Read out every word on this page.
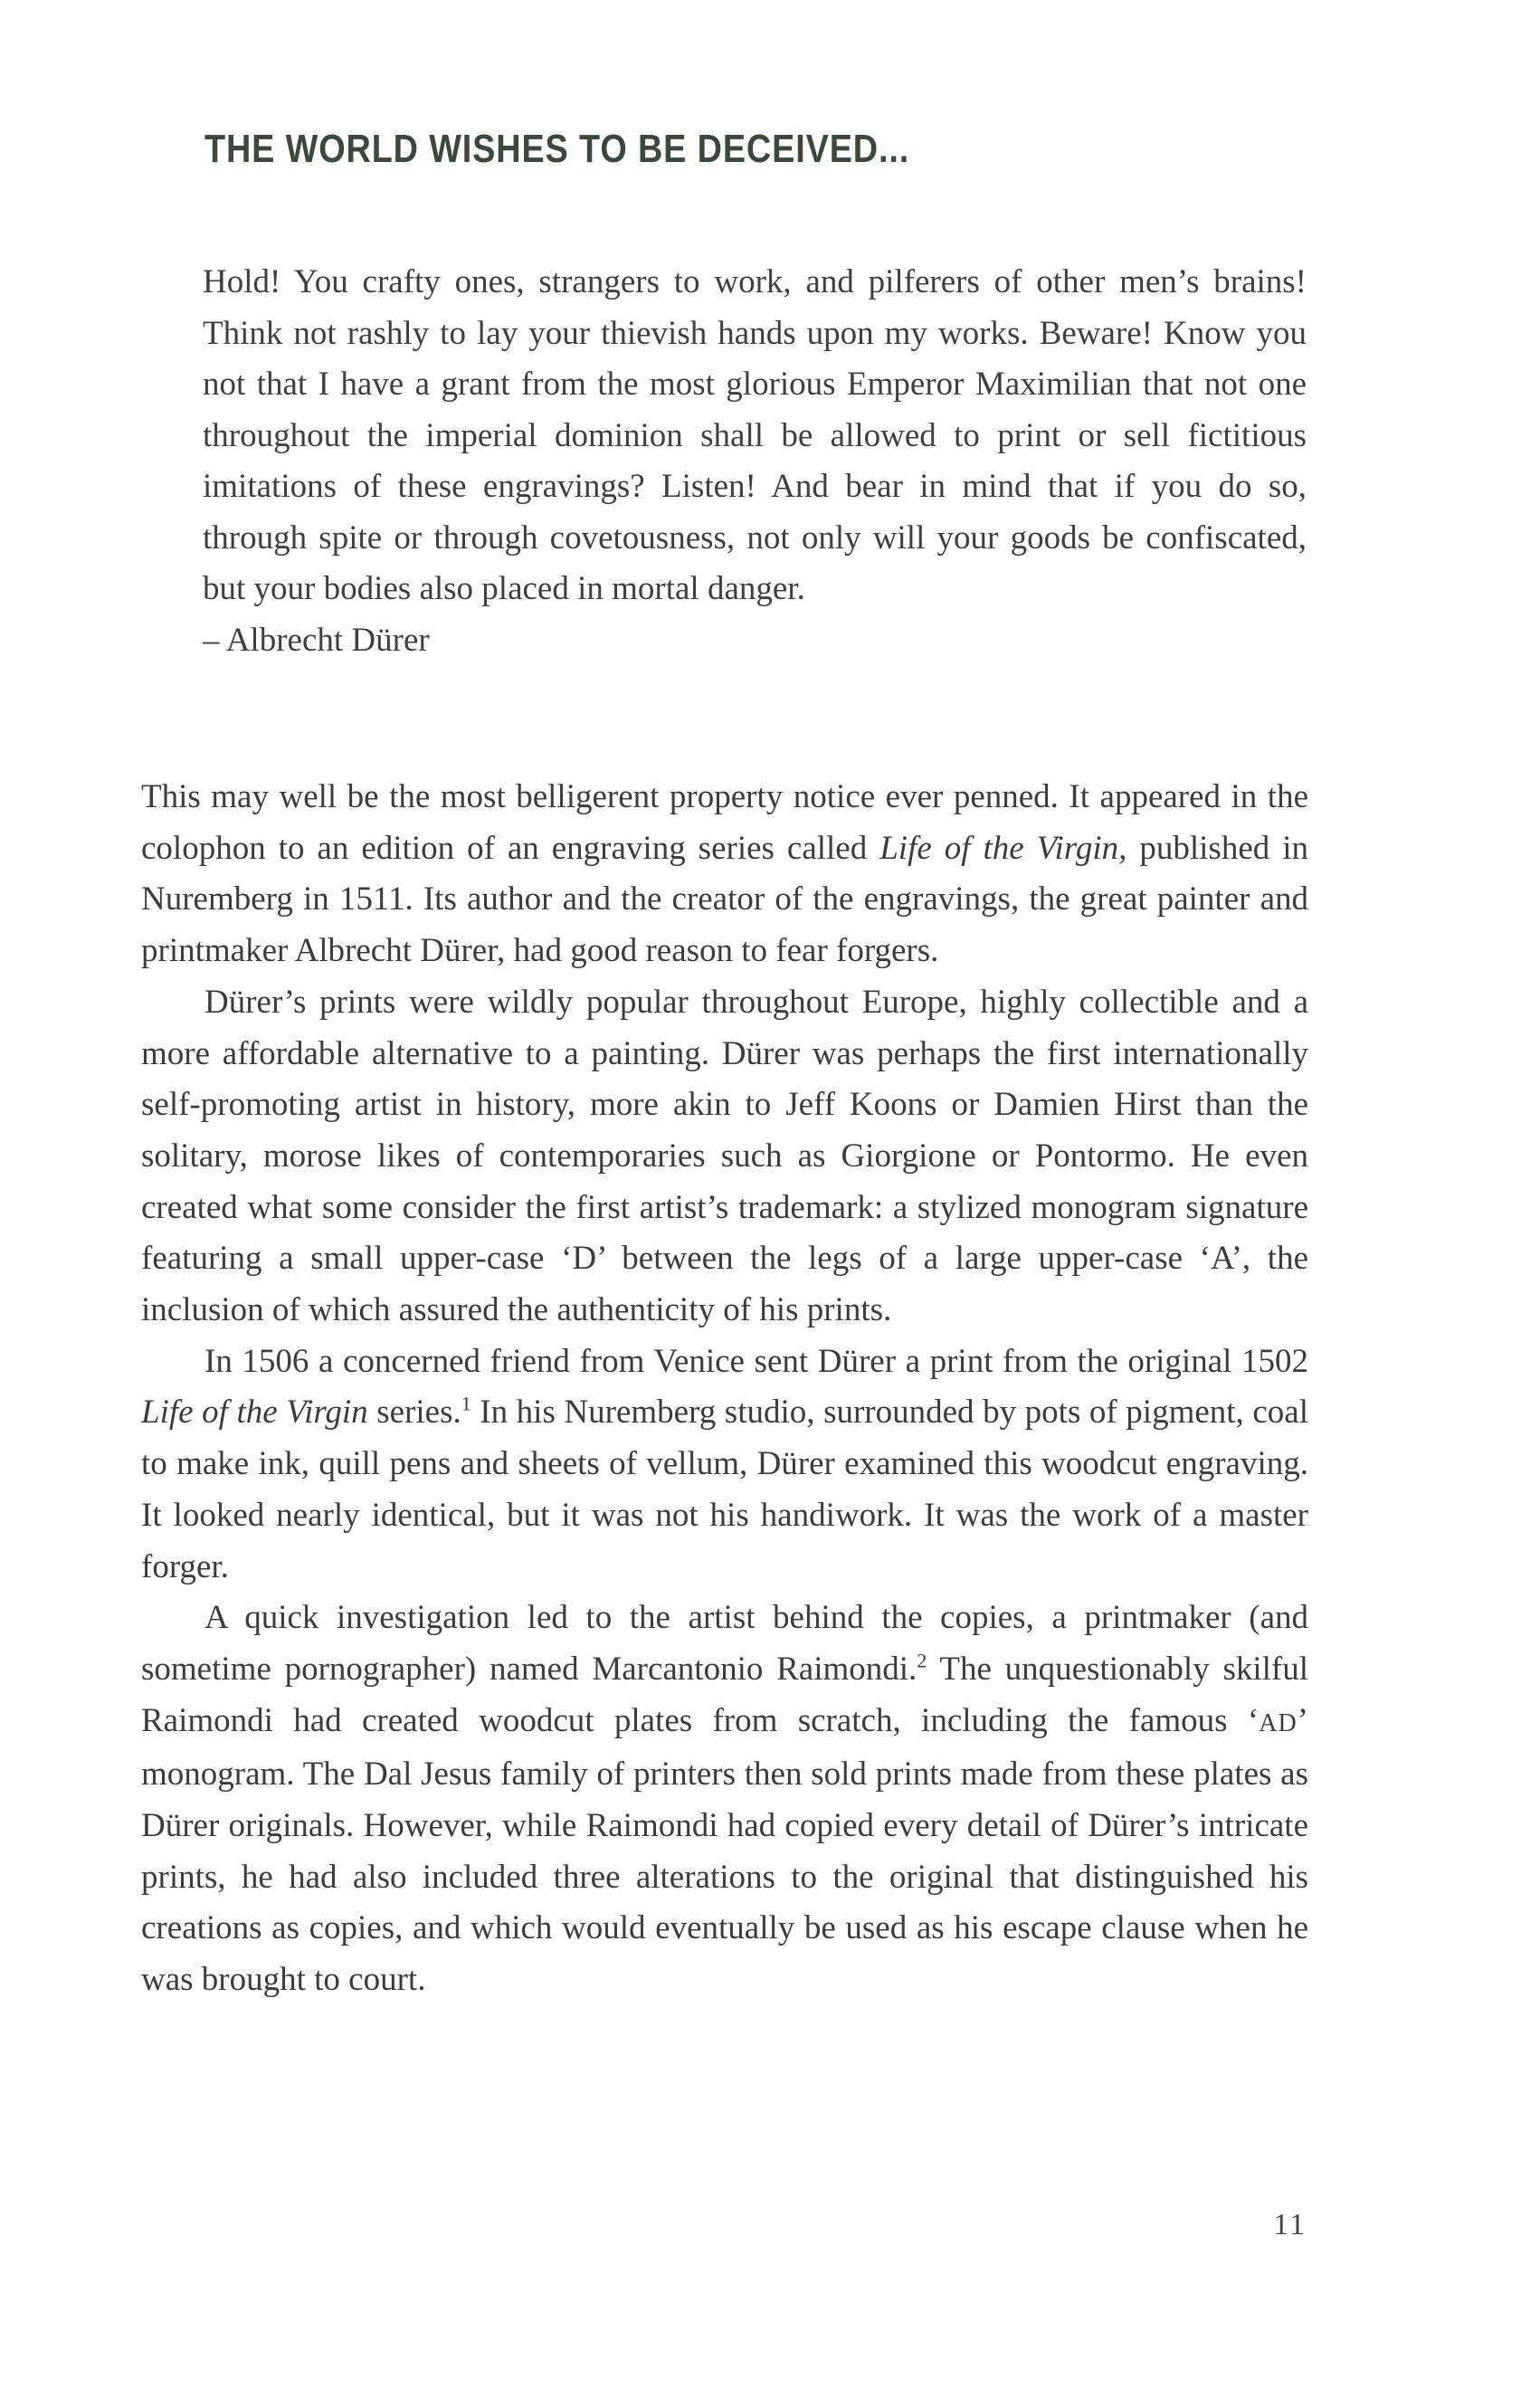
THE WORLD WISHES TO BE DECEIVED...

Hold! You crafty ones, strangers to work, and pilferers of other men’s brains! Think not rashly to lay your thievish hands upon my works. Beware! Know you not that I have a grant from the most glorious Emperor Maximilian that not one throughout the imperial dominion shall be allowed to print or sell fictitious imitations of these engravings? Listen! And bear in mind that if you do so, through spite or through covetousness, not only will your goods be confiscated, but your bodies also placed in mortal danger.

– Albrecht Dürer

This may well be the most belligerent property notice ever penned. It appeared in the colophon to an edition of an engraving series called Life of the Virgin, published in Nuremberg in 1511. Its author and the creator of the engravings, the great painter and printmaker Albrecht Dürer, had good reason to fear forgers.

Dürer’s prints were wildly popular throughout Europe, highly collectible and a more affordable alternative to a painting. Dürer was perhaps the first internationally self-promoting artist in history, more akin to Jeff Koons or Damien Hirst than the solitary, morose likes of contemporaries such as Giorgione or Pontormo. He even created what some consider the first artist’s trademark: a stylized monogram signature featuring a small upper-case ‘D’ between the legs of a large upper-case ‘A’, the inclusion of which assured the authenticity of his prints.

In 1506 a concerned friend from Venice sent Dürer a print from the original 1502 Life of the Virgin series.$^1$ In his Nuremberg studio, surrounded by pots of pigment, coal to make ink, quill pens and sheets of vellum, Dürer examined this woodcut engraving. It looked nearly identical, but it was not his handiwork. It was the work of a master forger.

A quick investigation led to the artist behind the copies, a printmaker (and sometime pornographer) named Marcantonio Raimondi.$^2$ The unquestionably skilful Raimondi had created woodcut plates from scratch, including the famous ‘AD’ monogram. The Dal Jesus family of printers then sold prints made from these plates as Dürer originals. However, while Raimondi had copied every detail of Dürer’s intricate prints, he had also included three alterations to the original that distinguished his creations as copies, and which would eventually be used as his escape clause when he was brought to court.

11
